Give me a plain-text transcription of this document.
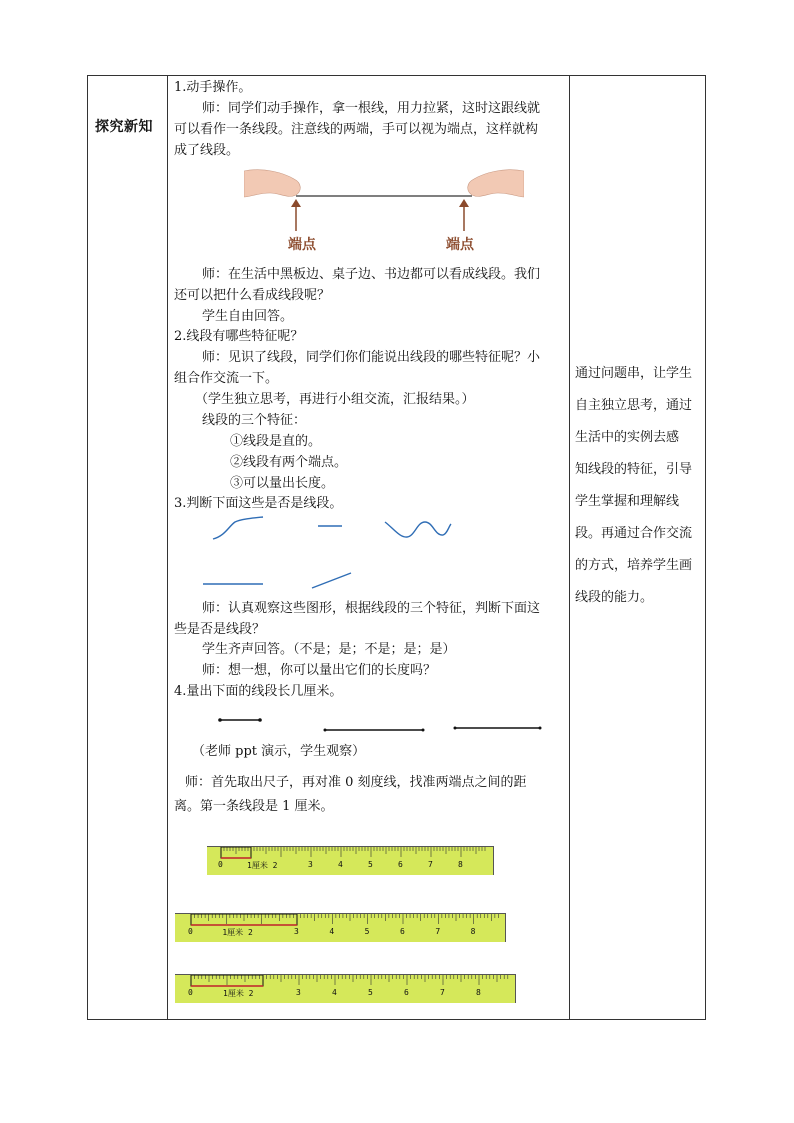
探究新知
1.动手操作。
师：同学们动手操作，拿一根线，用力拉紧，这时这跟线就
可以看作一条线段。注意线的两端，手可以视为端点，这样就构
成了线段。
端点	端点
师：在生活中黑板边、桌子边、书边都可以看成线段。我们
还可以把什么看成线段呢？
学生自由回答。
2.线段有哪些特征呢？
师：见识了线段，同学们你们能说出线段的哪些特征呢？小
组合作交流一下。
（学生独立思考，再进行小组交流，汇报结果。）
线段的三个特征：
①线段是直的。
②线段有两个端点。
③可以量出长度。
3.判断下面这些是否是线段。
师：认真观察这些图形，根据线段的三个特征，判断下面这
些是否是线段？
学生齐声回答。（不是；是；不是；是；是）
师：想一想，你可以量出它们的长度吗？
4.量出下面的线段长几厘米。
（老师 ppt 演示，学生观察）
师：首先取出尺子，再对准 0 刻度线，找准两端点之间的距
离。第一条线段是 1 厘米。
0	1厘米 2	3	4	5	6	7	8
0	1厘米 2	3	4	5	6	7	8
0	1厘米 2	3	4	5	6	7	8
通过问题串，让学生
自主独立思考，通过
生活中的实例去感
知线段的特征，引导
学生掌握和理解线
段。再通过合作交流
的方式，培养学生画
线段的能力。
